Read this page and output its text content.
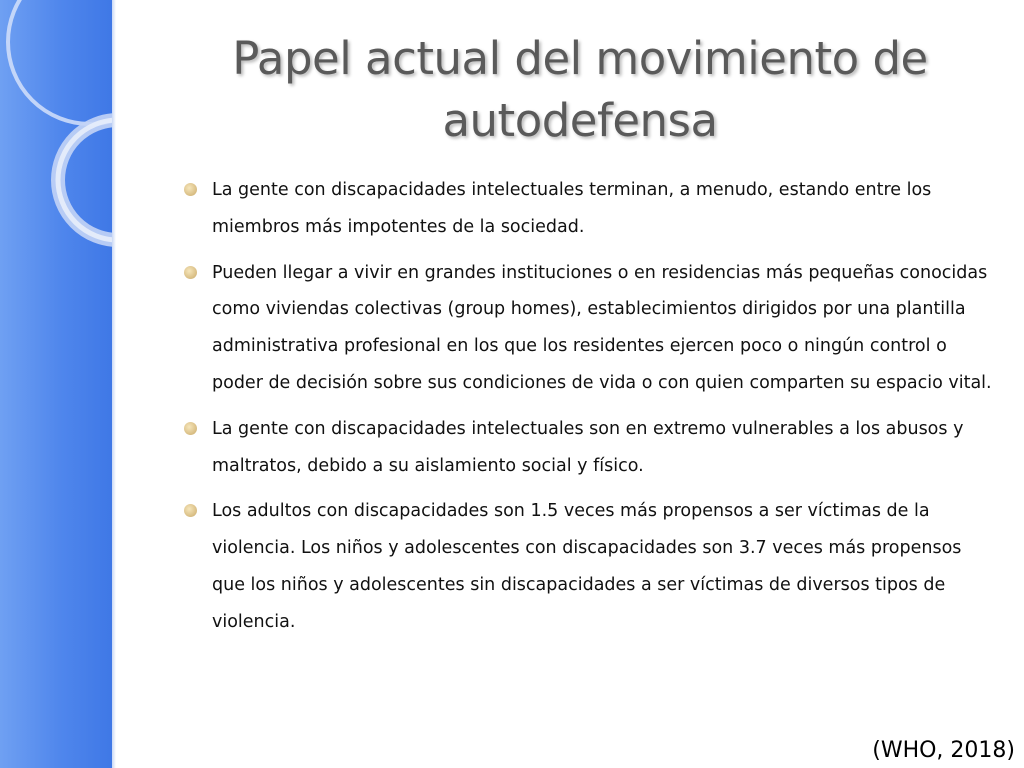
Papel actual del movimiento de
autodefensa
La gente con discapacidades intelectuales terminan, a menudo, estando entre los miembros más impotentes de la sociedad.
Pueden llegar a vivir en grandes instituciones o en residencias más pequeñas conocidas como viviendas colectivas (group homes), establecimientos dirigidos por una plantilla administrativa profesional en los que los residentes ejercen poco o ningún control o poder de decisión sobre sus condiciones de vida o con quien comparten su espacio vital.
La gente con discapacidades intelectuales son en extremo vulnerables a los abusos y maltratos, debido a su aislamiento social y físico.
Los adultos con discapacidades son 1.5 veces más propensos a ser víctimas de la violencia. Los niños y adolescentes con discapacidades son 3.7 veces más propensos que los niños y adolescentes sin discapacidades a ser víctimas de diversos tipos de violencia.
(WHO, 2018)
